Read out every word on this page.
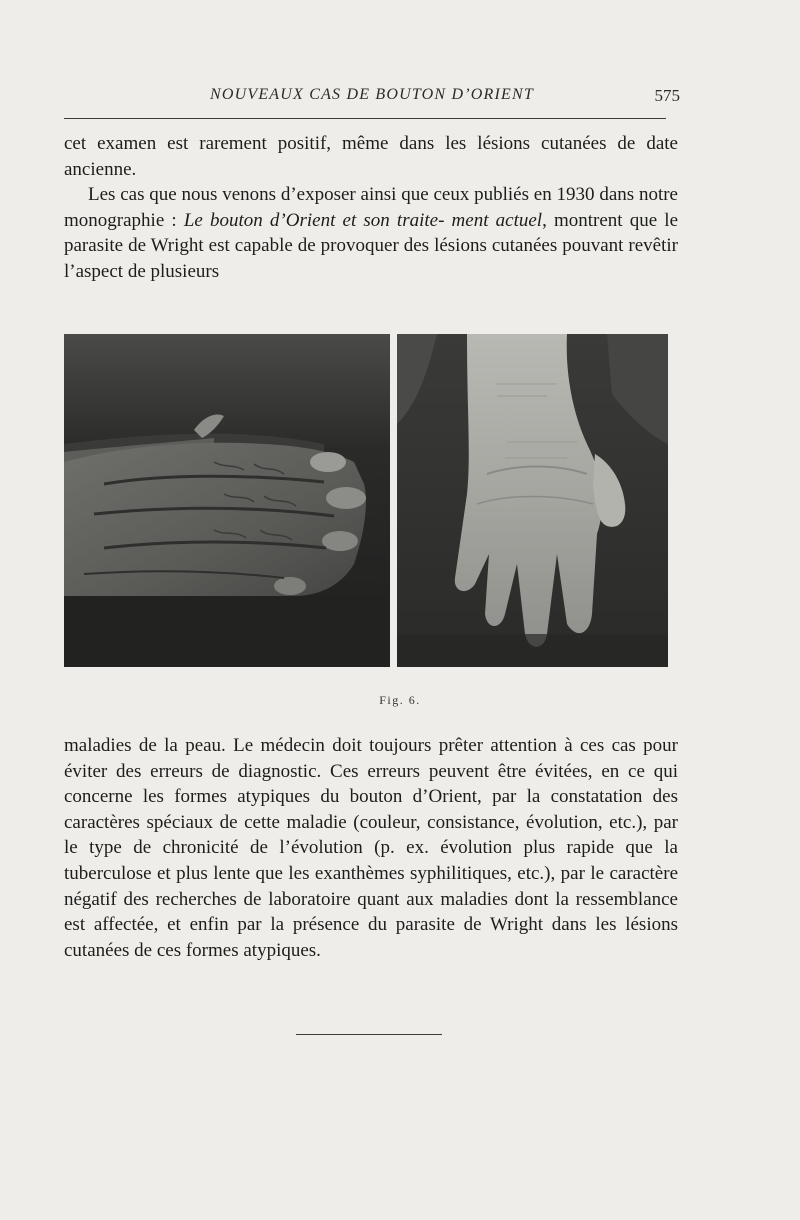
NOUVEAUX CAS DE BOUTON D’ORIENT	575

cet examen est rarement positif, même dans les lésions cutanées de date ancienne.

Les cas que nous venons d’exposer ainsi que ceux publiés en 1930 dans notre monographie : Le bouton d’Orient et son traite- ment actuel, montrent que le parasite de Wright est capable de provoquer des lésions cutanées pouvant revêtir l’aspect de plusieurs

Fig. 6.

maladies de la peau. Le médecin doit toujours prêter attention à ces cas pour éviter des erreurs de diagnostic. Ces erreurs peuvent être évitées, en ce qui concerne les formes atypiques du bouton d’Orient, par la constatation des caractères spéciaux de cette maladie (couleur, consistance, évolution, etc.), par le type de chronicité de l’évolution (p. ex. évolution plus rapide que la tuberculose et plus lente que les exanthèmes syphilitiques, etc.), par le caractère négatif des recherches de laboratoire quant aux maladies dont la ressemblance est affectée, et enfin par la présence du parasite de Wright dans les lésions cutanées de ces formes atypiques.
